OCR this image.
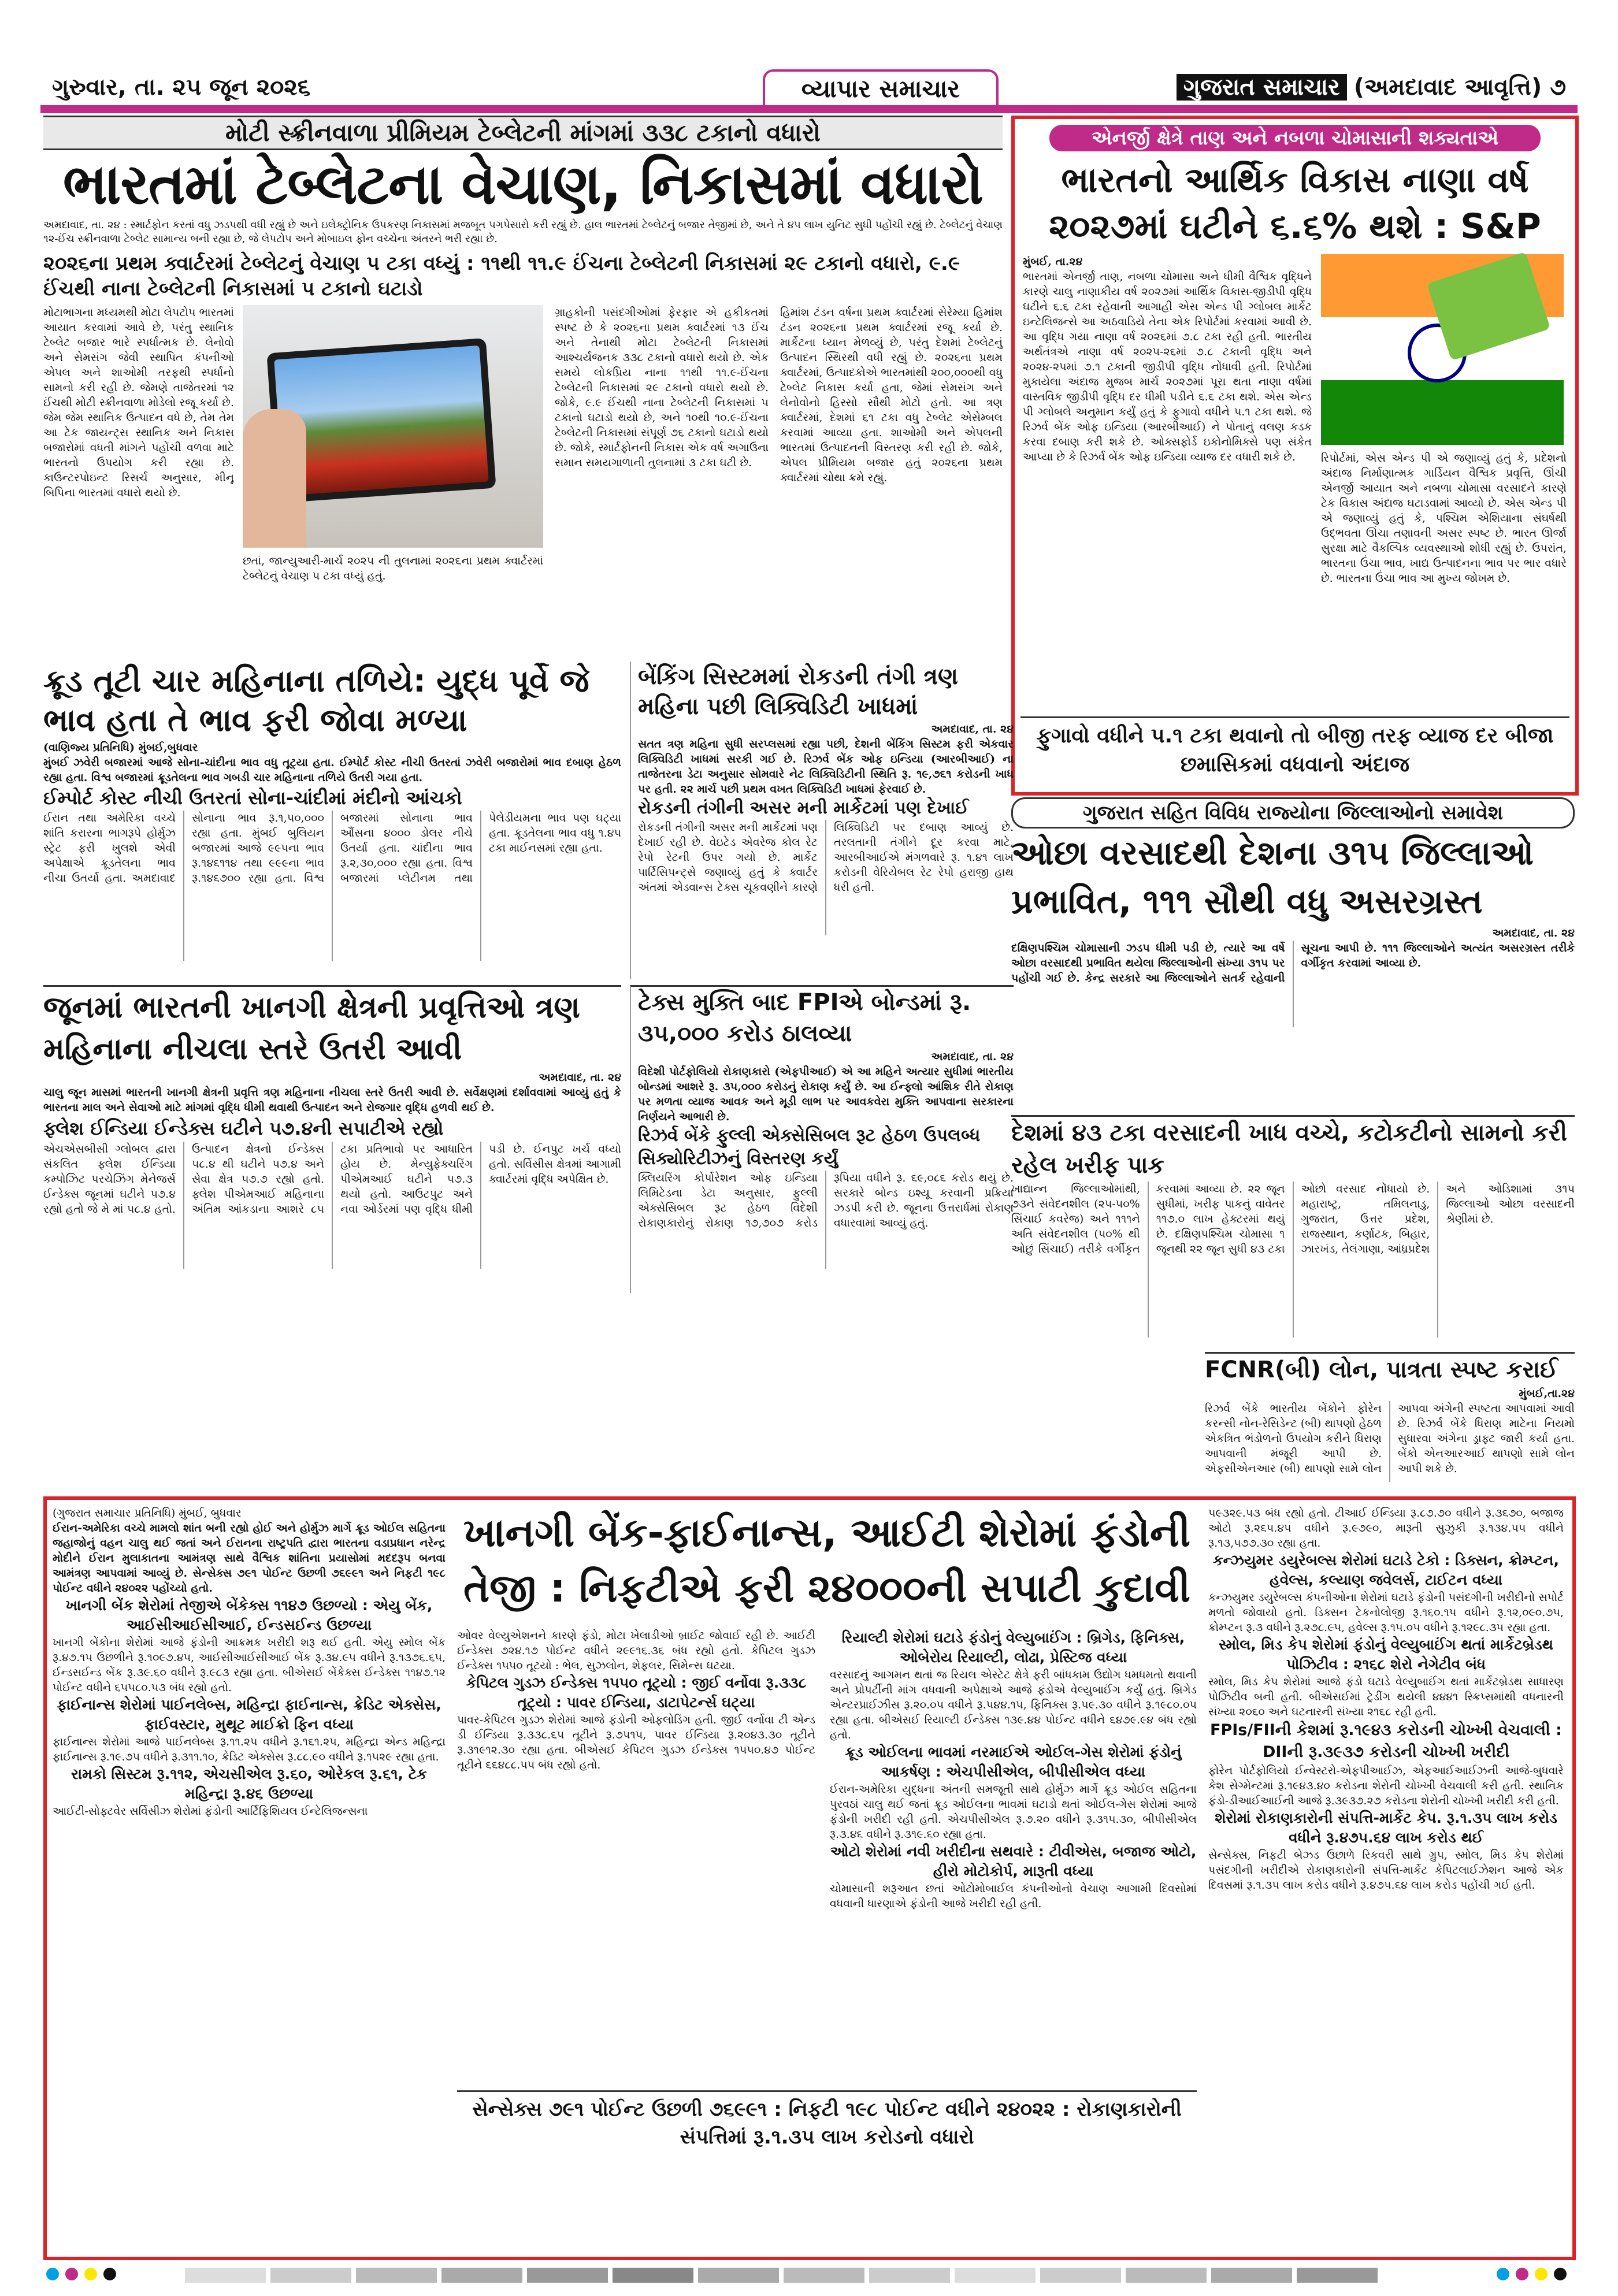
ગુરુવાર, તા. ૨૫ જૂન ૨૦૨૬	વ્યાપાર સમાચાર	ગુજરાત સમાચાર (અમદાવાદ આવૃત્તિ) ૭
મોટી સ્ક્રીનવાળા પ્રીમિયમ ટેબ્લેટની માંગમાં ૩૩૮ ટકાનો વધારો
ભારતમાં ટેબ્લેટના વેચાણ, નિકાસમાં વધારો
અમદાવાદ, તા. ૨૪ : સ્માર્ટફોન કરતાં વધુ ઝડપથી વધી રહ્યું છે અને ઇલેક્ટ્રોનિક ઉપકરણ નિકાસમાં મજબૂત પગપેસારો કરી રહ્યું છે. હાલ ભારતમાં ટેબ્લેટનું બજાર તેજીમાં છે, અને તે ૪૫ લાખ યુનિટ સુધી પહોંચી રહ્યું છે. ટેબ્લેટનું વેચાણ ૧૨-ઈંચ સ્ક્રીનવાળા ટેબ્લેટ સામાન્ય બની રહ્યા છે, જે લેપટોપ અને મોબાઇલ ફોન વચ્ચેના અંતરને ભરી રહ્યા છે.
૨૦૨૬ના પ્રથમ ક્વાર્ટરમાં ટેબ્લેટનું વેચાણ ૫ ટકા વધ્યું : ૧૧થી ૧૧.૯ ઈંચના ટેબ્લેટની નિકાસમાં ૨૯ ટકાનો વધારો, ૯.૯ ઈંચથી નાના ટેબ્લેટની નિકાસમાં ૫ ટકાનો ઘટાડો
મોટાભાગના મધ્યમથી મોટા લેપટોપ ભારતમાં આયાત કરવામાં આવે છે, પરંતુ સ્થાનિક ટેબ્લેટ બજાર ભારે સ્પર્ધાત્મક છે. લેનોવો અને સેમસંગ જેવી સ્થાપિત કંપનીઓ એપલ અને શાઓમી તરફથી સ્પર્ધાનો સામનો કરી રહી છે. જેમણે તાજેતરમાં ૧૨ ઈંચથી મોટી સ્ક્રીનવાળા મોડેલો રજૂ કર્યા છે. જેમ જેમ સ્થાનિક ઉત્પાદન વધે છે, તેમ તેમ આ ટેક જાયન્ટ્સ સ્થાનિક અને નિકાસ બજારોમાં વધતી માંગને પહોંચી વળવા માટે ભારતનો ઉપયોગ કરી રહ્યા છે. કાઉન્ટરપોઇન્ટ રિસર્ચ અનુસાર, મીનૂ બિપિના ભારતમાં વધારો થયો છે.
છતાં, જાન્યુઆરી-માર્ચ ૨૦૨૫ ની તુલનામાં ૨૦૨૬ના પ્રથમ ક્વાર્ટરમાં ટેબ્લેટનું વેચાણ ૫ ટકા વધ્યું હતું.
ગ્રાહકોની પસંદગીઓમાં ફેરફાર એ હકીકતમાં સ્પષ્ટ છે કે ૨૦૨૬ના પ્રથમ ક્વાર્ટરમાં ૧૩ ઈંચ અને તેનાથી મોટા ટેબ્લેટની નિકાસમાં આશ્ચર્યજનક ૩૩૮ ટકાનો વધારો થયો છે. એક સમયે લોકપ્રિય નાના ૧૧થી ૧૧.૯-ઈંચના ટેબ્લેટની નિકાસમાં ૨૯ ટકાનો વધારો થયો છે. જોકે, ૯.૯ ઈંચથી નાના ટેબ્લેટની નિકાસમાં ૫ ટકાનો ઘટાડો થયો છે, અને ૧૦થી ૧૦.૯-ઈંચના ટેબ્લેટની નિકાસમાં સંપૂર્ણ ૭૬ ટકાનો ઘટાડો થયો છે. જોકે, સ્માર્ટફોનની નિકાસ એક વર્ષ અગાઉના સમાન સમયગાળાની તુલનામાં ૩ ટકા ઘટી છે.
હિમાંશ ટંડન વર્ષના પ્રથમ ક્વાર્ટરમાં સેરેમ્યા હિમાંશ ટંડન ૨૦૨૬ના પ્રથમ ક્વાર્ટરમાં રજૂ કર્યા છે. માર્કેટના ધ્યાન મેળવ્યું છે, પરંતુ દેશમાં ટેબ્લેટનું ઉત્પાદન સ્થિરથી વધી રહ્યું છે. ૨૦૨૬ના પ્રથમ ક્વાર્ટરમાં, ઉત્પાદકોએ ભારતમાંથી ૨૦૦,૦૦૦થી વધુ ટેબ્લેટ નિકાસ કર્યા હતા, જેમાં સેમસંગ અને લેનોવોનો હિસ્સો સૌથી મોટો હતો. આ ત્રણ ક્વાર્ટરમાં, દેશમાં ૬૧ ટકા વધુ ટેબ્લેટ એસેમ્બલ કરવામાં આવ્યા હતા. શાઓમી અને એપલની ભારતમાં ઉત્પાદનની વિસ્તરણ કરી રહી છે. જોકે, એપલ પ્રીમિયમ બજાર હતું ૨૦૨૬ના પ્રથમ ક્વાર્ટરમાં ચોથા ક્રમે રહ્યું.
એનર્જી ક્ષેત્રે તાણ અને નબળા ચોમાસાની શક્યતાએ
ભારતનો આર્થિક વિકાસ નાણા વર્ષ ૨૦૨૭માં ઘટીને ૬.૬% થશે : S&P
મુંબઈ, તા.૨૪
ભારતમાં એનર્જી તાણ, નબળા ચોમાસા અને ધીમી વૈશ્વિક વૃદ્ધિને કારણે ચાલુ નાણાકીય વર્ષ ૨૦૨૭માં આર્થિક વિકાસ-જીડીપી વૃદ્ધિ ઘટીને ૬.૬ ટકા રહેવાની આગાહી એસ એન્ડ પી ગ્લોબલ માર્કેટ ઇન્ટેલિજન્સે આ અઠવાડિયે તેના એક રિપોર્ટમાં કરવામાં આવી છે. આ વૃદ્ધિ ગયા નાણા વર્ષ ૨૦૨૬માં ૭.૮ ટકા રહી હતી. ભારતીય અર્થતંત્રએ નાણા વર્ષ ૨૦૨૫-૨૬માં ૭.૮ ટકાની વૃદ્ધિ અને ૨૦૨૪-૨૫માં ૭.૧ ટકાની જીડીપી વૃદ્ધિ નોંધાવી હતી. રિપોર્ટમાં મુકાયેલા અંદાજ મુજબ માર્ચ ૨૦૨૭માં પૂરા થતા નાણા વર્ષમાં વાસ્તવિક જીડીપી વૃદ્ધિ દર ધીમી પડીને ૬.૬ ટકા થશે. એસ એન્ડ પી ગ્લોબલે અનુમાન કર્યું હતું કે ફુગાવો વધીને ૫.૧ ટકા થશે. જે રિઝર્વ બેંક ઓફ ઇન્ડિયા (આરબીઆઈ) ને પોતાનું વલણ કડક કરવા દબાણ કરી શકે છે. ઓક્સફોર્ડ ઇકોનોમિક્સે પણ સંકેત આપ્યા છે કે રિઝર્વ બેંક ઓફ ઇન્ડિયા વ્યાજ દર વધારી શકે છે.	રિપોર્ટમાં, એસ એન્ડ પી એ જણાવ્યું હતું કે, પ્રદેશનો અંદાજ નિર્માણાત્મક ગાર્ડિયન વૈશ્વિક પ્રવૃત્તિ, ઊંચી એનર્જી આયાત અને નબળા ચોમાસા વરસાદને કારણે ટેક વિકાસ અંદાજ ઘટાડવામાં આવ્યો છે. એસ એન્ડ પી એ જણાવ્યું હતું કે, પશ્ચિમ એશિયાના સંઘર્ષથી ઉદ્ભવતા ઊંચા તણાવની અસર સ્પષ્ટ છે. ભારત ઊર્જા સુરક્ષા માટે વૈકલ્પિક વ્યવસ્થાઓ શોધી રહ્યું છે. ઉપરાંત, ભારતના ઉંચા ભાવ, ખાદ્ય ઉત્પાદનના ભાવ પર ભાર વધારે છે. ભારતના ઉંચા ભાવ આ મુખ્ય જોખમ છે.
ફુગાવો વધીને ૫.૧ ટકા થવાનો તો બીજી તરફ વ્યાજ દર બીજા છમાસિકમાં વધવાનો અંદાજ
ક્રૂડ તૂટી ચાર મહિનાના તળિયે: યુદ્ધ પૂર્વે જે ભાવ હતા તે ભાવ ફરી જોવા મળ્યા
(વાણિજ્ય પ્રતિનિધિ) મુંબઈ,બુધવાર
મુંબઈ ઝવેરી બજારમાં આજે સોના-ચાંદીના ભાવ વધુ તૂટ્યા હતા. ઈમ્પોર્ટ કોસ્ટ નીચી ઉતરતાં ઝવેરી બજારોમાં ભાવ દબાણ હેઠળ રહ્યા હતા. વિશ્વ બજારમાં ક્રૂડતેલના ભાવ ગબડી ચાર મહિનાના તળિયે ઉતરી ગયા હતા.
ઈમ્પોર્ટ કોસ્ટ નીચી ઉતરતાં સોના-ચાંદીમાં મંદીનો આંચકો
ઈરાન તથા અમેરિકા વચ્ચે શાંતિ કરારના ભાગરૂપે હોર્મુઝ સ્ટ્રેટ ફરી ખુલશે એવી અપેક્ષાએ ક્રૂડતેલના ભાવ નીચા ઉતર્યા હતા. અમદાવાદ સોનાના ભાવ રૂ.૧,૫૦,૦૦૦ રહ્યા હતા. મુંબઈ બુલિયન બજારમાં આજે ૯૯૫ના ભાવ રૂ.૧૪૬૧૧૪ તથા ૯૯૯ના ભાવ રૂ.૧૪૬૭૦૦ રહ્યા હતા. વિશ્વ બજારમાં સોનાના ભાવ ઔંસના ૪૦૦૦ ડોલર નીચે ઉતર્યા હતા. ચાંદીના ભાવ રૂ.૨,૩૦,૦૦૦ રહ્યા હતા. વિશ્વ બજારમાં પ્લેટીનમ તથા પેલેડીયમના ભાવ પણ ઘટ્યા હતા. ક્રૂડતેલના ભાવ વધુ ૧.૪૫ ટકા માઈનસમાં રહ્યા હતા.
બેંકિંગ સિસ્ટમમાં રોકડની તંગી ત્રણ મહિના પછી લિક્વિડિટી ખાધમાં
અમદાવાદ, તા. ૨૪
સતત ત્રણ મહિના સુધી સરપ્લસમાં રહ્યા પછી, દેશની બેંકિંગ સિસ્ટમ ફરી એકવાર લિક્વિડિટી ખાધમાં સરકી ગઈ છે. રિઝર્વ બેંક ઓફ ઇન્ડિયા (આરબીઆઈ) ના તાજેતરના ડેટા અનુસાર સોમવારે નેટ લિક્વિડિટીની સ્થિતિ રૂ. ૧૯,૭૬૧ કરોડની ખાધ પર હતી. ૨૨ માર્ચ પછી પ્રથમ વખત લિક્વિડિટી ખાધમાં ફેરવાઈ છે.
રોકડની તંગીની અસર મની માર્કેટમાં પણ દેખાઈ
રોકડની તંગીની અસર મની માર્કેટમાં પણ દેખાઈ રહી છે. વેઇટેડ એવરેજ કોલ રેટ રેપો રેટની ઉપર ગયો છે. માર્કેટ પાર્ટિસિપન્ટ્સે જણાવ્યું હતું કે ક્વાર્ટર અંતમાં એડવાન્સ ટેક્સ ચૂકવણીને કારણે લિક્વિડિટી પર દબાણ આવ્યું છે. તરલતાની તંગીને દૂર કરવા માટે, આરબીઆઈએ મંગળવારે રૂ. ૧.૪૧ લાખ કરોડની વેરિયેબલ રેટ રેપો હરાજી હાથ ધરી હતી.
ગુજરાત સહિત વિવિધ રાજ્યોના જિલ્લાઓનો સમાવેશ
ઓછા વરસાદથી દેશના ૩૧૫ જિલ્લાઓ પ્રભાવિત, ૧૧૧ સૌથી વધુ અસરગ્રસ્ત
અમદાવાદ, તા. ૨૪
દક્ષિણપશ્ચિમ ચોમાસાની ઝડપ ધીમી પડી છે, ત્યારે આ વર્ષે ઓછા વરસાદથી પ્રભાવિત થયેલા જિલ્લાઓની સંખ્યા ૩૧૫ પર પહોંચી ગઈ છે. કેન્દ્ર સરકારે આ જિલ્લાઓને સતર્ક રહેવાની સૂચના આપી છે. ૧૧૧ જિલ્લાઓને અત્યંત અસરગ્રસ્ત તરીકે વર્ગીકૃત કરવામાં આવ્યા છે.
જૂનમાં ભારતની ખાનગી ક્ષેત્રની પ્રવૃત્તિઓ ત્રણ મહિનાના નીચલા સ્તરે ઉતરી આવી
અમદાવાદ, તા. ૨૪
ચાલુ જૂન માસમાં ભારતની ખાનગી ક્ષેત્રની પ્રવૃત્તિ ત્રણ મહિનાના નીચલા સ્તરે ઉતરી આવી છે. સર્વેક્ષણમાં દર્શાવવામાં આવ્યું હતું કે ભારતના માલ અને સેવાઓ માટે માંગમાં વૃદ્ધિ ધીમી થવાથી ઉત્પાદન અને રોજગાર વૃદ્ધિ હળવી થઈ છે.
ફ્લેશ ઈન્ડિયા ઈન્ડેક્સ ઘટીને ૫૭.૪ની સપાટીએ રહ્યો
એચએસબીસી ગ્લોબલ દ્વારા સંકલિત ફ્લેશ ઈન્ડિયા કમ્પોઝિટ પરચેઝિંગ મેનેજર્સ ઈન્ડેક્સ જૂનમાં ઘટીને ૫૭.૪ રહ્યો હતો જે મે માં ૫૮.૪ હતો. ઉત્પાદન ક્ષેત્રનો ઈન્ડેક્સ ૫૮.૪ થી ઘટીને ૫૭.૪ અને સેવા ક્ષેત્ર ૫૭.૭ રહ્યો હતો. ફ્લેશ પીએમઆઈ મહિનાના અંતિમ આંકડાના આશરે ૮૫ ટકા પ્રતિભાવો પર આધારિત હોય છે. મેન્યુફેક્ચરિંગ પીએમઆઈ ઘટીને ૫૭.૩ થયો હતો. આઉટપુટ અને નવા ઓર્ડરમાં પણ વૃદ્ધિ ધીમી પડી છે. ઈનપુટ ખર્ચ વધ્યો હતો. સર્વિસીસ ક્ષેત્રમાં આગામી ક્વાર્ટરમાં વૃદ્ધિ અપેક્ષિત છે.
ટેક્સ મુક્તિ બાદ FPIએ બોન્ડમાં રૂ. ૩૫,૦૦૦ કરોડ ઠાલવ્યા
અમદાવાદ, તા. ૨૪
વિદેશી પોર્ટફોલિયો રોકાણકારો (એફપીઆઈ) એ આ મહિને અત્યાર સુધીમાં ભારતીય બોન્ડમાં આશરે રૂ. ૩૫,૦૦૦ કરોડનું રોકાણ કર્યું છે. આ ઈન્ફ્લો આંશિક રીતે રોકાણ પર મળતા વ્યાજ આવક અને મૂડી લાભ પર આવકવેરા મુક્તિ આપવાના સરકારના નિર્ણયને આભારી છે.
રિઝર્વ બેંકે ફુલ્લી એક્સેસિબલ રૂટ હેઠળ ઉપલબ્ધ સિક્યોરિટીઝનું વિસ્તરણ કર્યું
ક્લિયરિંગ કોર્પોરેશન ઓફ ઇન્ડિયા લિમિટેડના ડેટા અનુસાર, ફુલ્લી એક્સેસિબલ રૂટ હેઠળ વિદેશી રોકાણકારોનું રોકાણ ૧૭,૭૦૭ કરોડ રૂપિયા વધીને રૂ. ૬૯,૦૮૬ કરોડ થયું છે. સરકારે બોન્ડ ઇશ્યૂ કરવાની પ્રક્રિયા ઝડપી કરી છે. જૂનના ઉત્તરાર્ધમાં રોકાણ વધારવામાં આવ્યું હતું.
દેશમાં ૪૩ ટકા વરસાદની ખાધ વચ્ચે, કટોકટીનો સામનો કરી રહેલ ખરીફ પાક
ખાદ્યાન્ન જિલ્લાઓમાંથી, ૭૩ને સંવેદનશીલ (૨૫-૫૦% સિંચાઈ કવરેજ) અને ૧૧૧ને અતિ સંવેદનશીલ (૫૦% થી ઓછું સિંચાઈ) તરીકે વર્ગીકૃત કરવામાં આવ્યા છે. ૨૨ જૂન સુધીમાં, ખરીફ પાકનું વાવેતર ૧૧૭.૦ લાખ હેક્ટરમાં થયું છે. દક્ષિણપશ્ચિમ ચોમાસા ૧ જૂનથી ૨૨ જૂન સુધી ૪૩ ટકા ઓછો વરસાદ નોંધાયો છે. મહારાષ્ટ્ર, તમિલનાડુ, ગુજરાત, ઉત્તર પ્રદેશ, રાજસ્થાન, કર્ણાટક, બિહાર, ઝારખંડ, તેલંગાણા, આંધ્રપ્રદેશ અને ઓડિશામાં ૩૧૫ જિલ્લાઓ ઓછા વરસાદની શ્રેણીમાં છે.
FCNR(બી) લોન, પાત્રતા સ્પષ્ટ કરાઈ
મુંબઈ,તા.૨૪
રિઝર્વ બેંકે ભારતીય બેંકોને ફોરેન કરન્સી નોન-રેસિડેન્ટ (બી) થાપણો હેઠળ એકત્રિત ભંડોળનો ઉપયોગ કરીને ધિરાણ આપવાની મંજૂરી આપી છે. એફસીએનઆર (બી) થાપણો સામે લોન આપવા અંગેની સ્પષ્ટતા આપવામાં આવી છે. રિઝર્વ બેંકે ધિરાણ માટેના નિયમો સુધારવા અંગેના ડ્રાફ્ટ જારી કર્યા હતા. બેંકો એનઆરઆઈ થાપણો સામે લોન આપી શકે છે.
(ગુજરાત સમાચાર પ્રતિનિધિ) મુંબઈ, બુધવાર
ઈરાન-અમેરિકા વચ્ચે મામલો શાંત બની રહ્યો હોઈ અને હોર્મુઝ માર્ગે ક્રૂડ ઓઈલ સહિતના જહાજોનું વહન ચાલુ થઈ જતાં અને ઈરાનના રાષ્ટ્રપતિ દ્વારા ભારતના વડાપ્રધાન નરેન્દ્ર મોદીને ઈરાન મુલાકાતના આમંત્રણ સાથે વૈશ્વિક શાંતિના પ્રયાસોમાં મદદરૂપ બનવા આમંત્રણ આપવામાં આવ્યું છે. સેન્સેક્સ ૭૯૧ પોઈન્ટ ઉછળી ૭૬૯૯૧ અને નિફટી ૧૯૮ પોઈન્ટ વધીને ૨૪૦૨૨ પહોંચ્યો હતો.
ખાનગી બેંક શેરોમાં તેજીએ બેંકેક્સ ૧૧૪૭ ઉછળ્યો : એયુ બેંક, આઈસીઆઈસીઆઈ, ઈન્ડસઈન્ડ ઉછળ્યા
ખાનગી બેંકોના શેરોમાં આજે ફંડોની આક્રમક ખરીદી શરૂ થઈ હતી. એયુ સ્મોલ બેંક રૂ.૪૭.૧૫ ઉછળીને રૂ.૧૦૯૭.૪૫, આઈસીઆઈસીઆઈ બેંક રૂ.૩૪.૯૫ વધીને રૂ.૧૩૭૬.૬૫, ઈન્ડસઈન્ડ બેંક રૂ.૩૯.૬૦ વધીને રૂ.૯૮૩ રહ્યા હતા. બીએસઈ બેંકેક્સ ઈન્ડેક્સ ૧૧૪૭.૧૨ પોઈન્ટ વધીને ૬૫૫૮૦.૫૩ બંધ રહ્યો હતો.
ફાઈનાન્સ શેરોમાં પાઈનલેબ્સ, મહિન્દ્રા ફાઈનાન્સ, ક્રેડિટ એક્સેસ, ફાઈવસ્ટાર, મુથૂટ માઈક્રો ફિન વધ્યા
ફાઈનાન્સ શેરોમાં આજે પાઈનલેબ્સ રૂ.૧૧.૨૫ વધીને રૂ.૧૬૧.૨૫, મહિન્દ્રા એન્ડ મહિન્દ્રા ફાઈનાન્સ રૂ.૧૯.૭૫ વધીને રૂ.૩૧૧.૧૦, ક્રેડિટ એક્સેસ રૂ.૮૮.૯૦ વધીને રૂ.૧૫૨૯ રહ્યા હતા.
રામકો સિસ્ટમ રૂ.૧૧૨, એચસીએલ રૂ.૬૦, ઓરેકલ રૂ.૬૧, ટેક મહિન્દ્રા રૂ.૪૬ ઉછળ્યા
આઈટી-સોફ્ટવેર સર્વિસીઝ શેરોમાં ફંડોની આર્ટિફિશિયલ ઈન્ટેલિજન્સના
ખાનગી બેંક-ફાઈનાન્સ, આઈટી શેરોમાં ફંડોની તેજી : નિફટીએ ફરી ૨૪૦૦૦ની સપાટી કુદાવી
ઓવર વેલ્યુએશનને કારણે ફંડો, મોટા ખેલાડીઓ બ્રાઈટ જોવાઈ રહી છે. આઈટી ઈન્ડેક્સ ૭૨૪.૧૭ પોઈન્ટ વધીને ૨૯૯૧૬.૩૬ બંધ રહ્યો હતો. કેપિટલ ગુડઝ ઈન્ડેક્સ ૧૫૫૦ તૂટયો : ભેલ, સુઝલોન, શેફલર, સિમેન્સ ઘટયા.
કેપિટલ ગુડઝ ઈન્ડેક્સ ૧૫૫૦ તૂટ્યો : જીઈ વર્નોવા રૂ.૩૩૮ તૂટ્યો : પાવર ઈન્ડિયા, ડાટાપેટર્ન્સ ઘટ્યા
પાવર-કેપિટલ ગુડઝ શેરોમાં આજે ફંડોની ઓફલોડિંગ હતી. જીઈ વર્નોવા ટી એન્ડ ડી ઈન્ડિયા રૂ.૩૩૮.૬૫ તૂટીને રૂ.૭૫૧૫, પાવર ઈન્ડિયા રૂ.૨૦૪૩.૩૦ તૂટીને રૂ.૩૧૯૧૨.૩૦ રહ્યા હતા. બીએસઈ કેપિટલ ગુડઝ ઈન્ડેક્સ ૧૫૫૦.૪૭ પોઈન્ટ તૂટીને ૬૬૪૮૮.૫૫ બંધ રહ્યો હતો.
રિયાલ્ટી શેરોમાં ઘટાડે ફંડોનું વેલ્યુબાઈંગ : બ્રિગેડ, ફિનિક્સ, ઓબેરોય રિયાલ્ટી, લોઢા, પ્રેસ્ટિજ વધ્યા
વરસાદનું આગમન થતાં જ રિયલ એસ્ટેટ ક્ષેત્રે ફરી બાંધકામ ઉદ્યોગ ધમધમતો થવાની અને પ્રોપર્ટીની માંગ વધવાની અપેક્ષાએ આજે ફંડોએ વેલ્યુબાઈંગ કર્યું હતું. બ્રિગેડ એન્ટરપ્રાઈઝીસ રૂ.૨૦.૦૫ વધીને રૂ.૫૪૪.૧૫, ફિનિક્સ રૂ.૫૯.૩૦ વધીને રૂ.૧૯૮૦.૦૫ રહ્યા હતા. બીએસઈ રિયાલ્ટી ઈન્ડેક્સ ૧૩૯.૪૪ પોઈન્ટ વધીને ૬૪૭૯.૯૪ બંધ રહ્યો હતો.
ક્રૂડ ઓઈલના ભાવમાં નરમાઈએ ઓઈલ-ગેસ શેરોમાં ફંડોનું આકર્ષણ : એચપીસીએલ, બીપીસીએલ વધ્યા
ઈરાન-અમેરિકા યુદ્ધના અંતની સમજૂતી સાથે હોર્મુઝ માર્ગે ક્રૂડ ઓઈલ સહિતના પુરવઠાં ચાલુ થઈ જતાં ક્રૂડ ઓઈલના ભાવમાં ઘટાડો થતાં ઓઈલ-ગેસ શેરોમાં આજે ફંડોની ખરીદી રહી હતી. એચપીસીએલ રૂ.૭.૨૦ વધીને રૂ.૩૧૫.૩૦, બીપીસીએલ રૂ.૩.૪૬ વધીને રૂ.૩૧૯.૬૦ રહ્યા હતા.
ઓટો શેરોમાં નવી ખરીદીના સથવારે : ટીવીએસ, બજાજ ઓટો, હીરો મોટોકોર્પ, મારૂતી વધ્યા
ચોમાસાની શરૂઆત છતાં ઓટોમોબાઈલ કંપનીઓનો વેચાણ આગામી દિવસોમાં વધવાની ધારણાએ ફંડોની આજે ખરીદી રહી હતી.
સેન્સેક્સ ૭૯૧ પોઈન્ટ ઉછળી ૭૬૯૯૧ : નિફટી ૧૯૮ પોઈન્ટ વધીને ૨૪૦૨૨ : રોકાણકારોની સંપત્તિમાં રૂ.૧.૩૫ લાખ કરોડનો વધારો
૫૯૩૨૯.૫૩ બંધ રહ્યો હતો. ટીઆઈ ઈન્ડિયા રૂ.૮૭.૭૦ વધીને રૂ.૩૬૭૦, બજાજ ઓટો રૂ.૨૬૫.૪૫ વધીને રૂ.૯૭૯૦, મારૂતી સુઝુકી રૂ.૧૩૪.૫૫ વધીને રૂ.૧૩,૫૭૭.૩૦ રહ્યા હતા.
કન્ઝયુમર ડયુરેબલ્સ શેરોમાં ઘટાડે ટેકો : ડિક્સન, ક્રોમ્પ્ટન, હવેલ્સ, કલ્યાણ જવેલર્સ, ટાઈટન વધ્યા
કન્ઝયુમર ડયુરેબલ્સ કંપનીઓના શેરોમાં ઘટાડે ફંડોની પસંદગીની ખરીદીનો સપોર્ટ મળતો જોવાયો હતો. ડિક્સન ટેકનોલોજી રૂ.૧૬૦.૧૫ વધીને રૂ.૧૨,૦૯૦.૭૫, ક્રોમ્પ્ટન રૂ.૩ વધીને રૂ.૨૭૮.૯૫, હવેલ્સ રૂ.૧૫.૦૫ વધીને રૂ.૧૨૯૮.૩૫ રહ્યા હતા.
સ્મોલ, મિડ કેપ શેરોમાં ફંડોનું વેલ્યુબાઈંગ થતાં માર્કેટબ્રેડથ પોઝિટીવ : ૨૧૬૮ શેરો નેગેટીવ બંધ
સ્મોલ, મિડ કેપ શેરોમાં આજે ફંડો ઘટાડે વેલ્યુબાઈંગ થતાં માર્કેટબ્રેડથ સાધારણ પોઝિટીવ બની હતી. બીએસઈમાં ટ્રેડીંગ થયેલી ૪૪૪૧ સ્ક્રિપ્સમાંથી વધનારની સંખ્યા ૨૦૬૦ અને ઘટનારની સંખ્યા ૨૧૬૮ રહી હતી.
FPIs/FIIની કેશમાં રૂ.૧૯૪૩ કરોડની ચોખ્ખી વેચવાલી : DIIની રૂ.૩૯૩૭ કરોડની ચોખ્ખી ખરીદી
ફોરેન પોર્ટફોલિયો ઈન્વેસ્ટરો-એફપીઆઈઝ, એફઆઈઆઈઝની આજે-બુધવારે કેશ સેગ્મેન્ટમાં રૂ.૧૯૪૩.૪૦ કરોડના શેરોની ચોખ્ખી વેચવાલી કરી હતી. સ્થાનિક ફંડો-ડીઆઈઆઈની આજે રૂ.૩૯૩૭.૨૭ કરોડના શેરોની ચોખ્ખી ખરીદી કરી હતી.
શેરોમાં રોકાણકારોની સંપત્તિ-માર્કેટ કેપ. રૂ.૧.૩૫ લાખ કરોડ વધીને રૂ.૪૭૫.૬૪ લાખ કરોડ થઈ
સેન્સેક્સ, નિફટી બેઝડ ઉછાળે રિકવરી સાથે ગ્રુપ, સ્મોલ, મિડ કેપ શેરોમાં પસંદગીની ખરીદીએ રોકાણકારોની સંપત્તિ-માર્કેટ કેપિટલાઈઝેશન આજે એક દિવસમાં રૂ.૧.૩૫ લાખ કરોડ વધીને રૂ.૪૭૫.૬૪ લાખ કરોડ પહોંચી ગઈ હતી.
